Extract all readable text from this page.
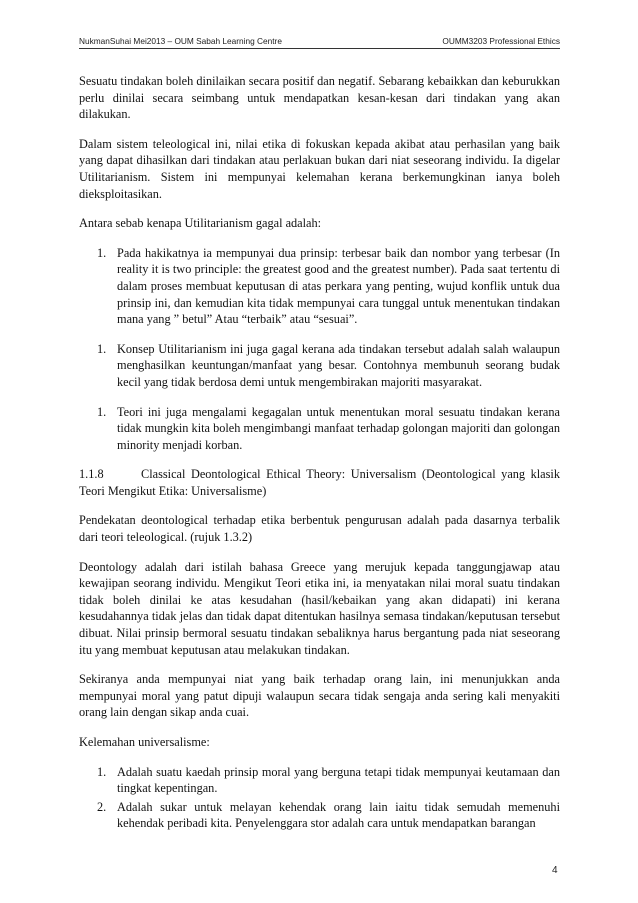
NukmanSuhai Mei2013 – OUM Sabah Learning Centre	OUMM3203 Professional Ethics

Sesuatu tindakan boleh dinilaikan secara positif dan negatif. Sebarang kebaikkan dan keburukkan perlu dinilai secara seimbang untuk mendapatkan kesan-kesan dari tindakan yang akan dilakukan.

Dalam sistem teleological ini, nilai etika di fokuskan kepada akibat atau perhasilan yang baik yang dapat dihasilkan dari tindakan atau perlakuan bukan dari niat seseorang individu. Ia digelar Utilitarianism. Sistem ini mempunyai kelemahan kerana berkemungkinan ianya boleh dieksploitasikan.

Antara sebab kenapa Utilitarianism gagal adalah:

1. Pada hakikatnya ia mempunyai dua prinsip: terbesar baik dan nombor yang terbesar (In reality it is two principle: the greatest good and the greatest number). Pada saat tertentu di dalam proses membuat keputusan di atas perkara yang penting, wujud konflik untuk dua prinsip ini, dan kemudian kita tidak mempunyai cara tunggal untuk menentukan tindakan mana yang ” betul” Atau “terbaik” atau “sesuai”.
1. Konsep Utilitarianism ini juga gagal kerana ada tindakan tersebut adalah salah walaupun menghasilkan keuntungan/manfaat yang besar. Contohnya membunuh seorang budak kecil yang tidak berdosa demi untuk mengembirakan majoriti masyarakat.
1. Teori ini juga mengalami kegagalan untuk menentukan moral sesuatu tindakan kerana tidak mungkin kita boleh mengimbangi manfaat terhadap golongan majoriti dan golongan minority menjadi korban.

1.1.8	Classical Deontological Ethical Theory: Universalism (Deontological yang klasik Teori Mengikut Etika: Universalisme)

Pendekatan deontological terhadap etika berbentuk pengurusan adalah pada dasarnya terbalik dari teori teleological. (rujuk 1.3.2)

Deontology adalah dari istilah bahasa Greece yang merujuk kepada tanggungjawap atau kewajipan seorang individu. Mengikut Teori etika ini, ia menyatakan nilai moral suatu tindakan tidak boleh dinilai ke atas kesudahan (hasil/kebaikan yang akan didapati) ini kerana kesudahannya tidak jelas dan tidak dapat ditentukan hasilnya semasa tindakan/keputusan tersebut dibuat. Nilai prinsip bermoral sesuatu tindakan sebaliknya harus bergantung pada niat seseorang itu yang membuat keputusan atau melakukan tindakan.

Sekiranya anda mempunyai niat yang baik terhadap orang lain, ini menunjukkan anda mempunyai moral yang patut dipuji walaupun secara tidak sengaja anda sering kali menyakiti orang lain dengan sikap anda cuai.

Kelemahan universalisme:

1. Adalah suatu kaedah prinsip moral yang berguna tetapi tidak mempunyai keutamaan dan tingkat kepentingan.
2. Adalah sukar untuk melayan kehendak orang lain iaitu tidak semudah memenuhi kehendak peribadi kita. Penyelenggara stor adalah cara untuk mendapatkan barangan
4
